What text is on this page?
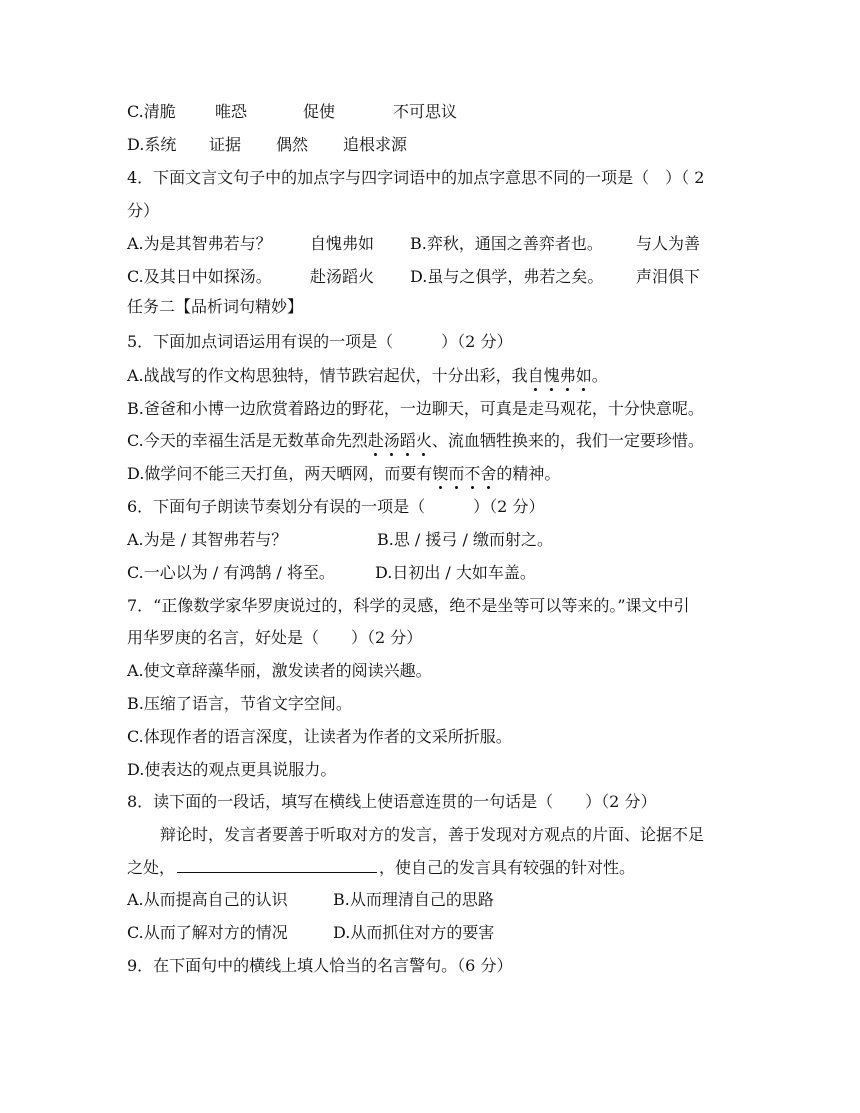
C.清脆 唯恐	促使	不可思议
D.系统 证据 偶然 追根求源
4．下面文言文句子中的加点字与四字词语中的加点字意思不同的一项是（　）（ 2
分）
A.为是其智弗若与？ 自愧弗如 B.弈秋，通国之善弈者也。 与人为善
C.及其日中如探汤。 赴汤蹈火 D.虽与之俱学，弗若之矣。 声泪俱下
任务二【品析词句精妙】
5．下面加点词语运用有误的一项是（　　　）（2 分）
A.战战写的作文构思独特，情节跌宕起伏，十分出彩，我自愧弗如。
B.爸爸和小博一边欣赏着路边的野花，一边聊天，可真是走马观花，十分快意呢。
C.今天的幸福生活是无数革命先烈赴汤蹈火、流血牺牲换来的，我们一定要珍惜。
D.做学问不能三天打鱼，两天晒网，而要有锲而不舍的精神。
6．下面句子朗读节奏划分有误的一项是（　　　）（2 分）
A.为是 / 其智弗若与？	B.思 / 援弓 / 缴而射之。
C.一心以为 / 有鸿鹄 / 将至。	D.日初出 / 大如车盖。
7．“正像数学家华罗庚说过的，科学的灵感，绝不是坐等可以等来的。”课文中引
用华罗庚的名言，好处是（　　）（2 分）
A.使文章辞藻华丽，激发读者的阅读兴趣。
B.压缩了语言，节省文字空间。
C.体现作者的语言深度，让读者为作者的文采所折服。
D.使表达的观点更具说服力。
8．读下面的一段话，填写在横线上使语意连贯的一句话是（　　）（2 分）
辩论时，发言者要善于听取对方的发言，善于发现对方观点的片面、论据不足
之处，	，使自己的发言具有较强的针对性。
A.从而提高自己的认识	B.从而理清自己的思路
C.从而了解对方的情况	D.从而抓住对方的要害
9．在下面句中的横线上填人恰当的名言警句。（6 分）
